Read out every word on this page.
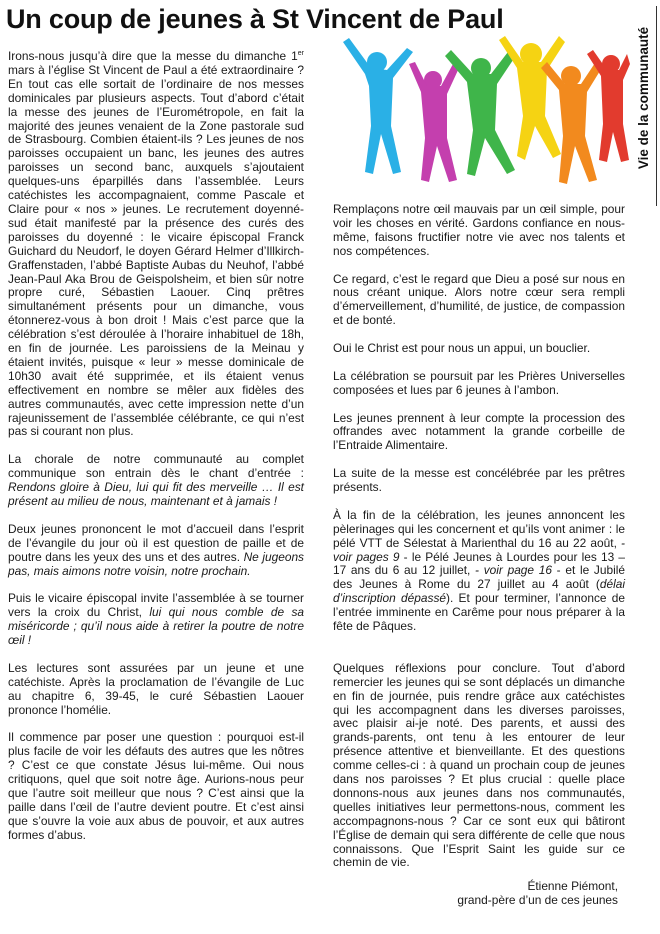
Un coup de jeunes à St Vincent de Paul
Vie de la communauté

Irons-nous jusqu’à dire que la messe du dimanche 1er mars à l’église St Vincent de Paul a été extraordinaire ? En tout cas elle sortait de l’ordinaire de nos messes dominicales par plusieurs aspects. Tout d’abord c’était la messe des jeunes de l’Eurométropole, en fait la majorité des jeunes venaient de la Zone pastorale sud de Strasbourg. Combien étaient-ils ? Les jeunes de nos paroisses occupaient un banc, les jeunes des autres paroisses un second banc, auxquels s’ajoutaient quelques-uns éparpillés dans l’assemblée. Leurs catéchistes les accompagnaient, comme Pascale et Claire pour « nos » jeunes. Le recrutement doyenné-sud était manifesté par la présence des curés des paroisses du doyenné : le vicaire épiscopal Franck Guichard du Neudorf, le doyen Gérard Helmer d’Illkirch-Graffenstaden, l’abbé Baptiste Aubas du Neuhof, l’abbé Jean-Paul Aka Brou de Geispolsheim, et bien sûr notre propre curé, Sébastien Laouer. Cinq prêtres simultanément présents pour un dimanche, vous étonnerez-vous à bon droit ! Mais c’est parce que la célébration s’est déroulée à l’horaire inhabituel de 18h, en fin de journée. Les paroissiens de la Meinau y étaient invités, puisque « leur » messe dominicale de 10h30 avait été supprimée, et ils étaient venus effectivement en nombre se mêler aux fidèles des autres communautés, avec cette impression nette d’un rajeunissement de l’assemblée célébrante, ce qui n’est pas si courant non plus.

La chorale de notre communauté au complet communique son entrain dès le chant d’entrée : Rendons gloire à Dieu, lui qui fit des merveille … Il est présent au milieu de nous, maintenant et à jamais !

Deux jeunes prononcent le mot d’accueil dans l’esprit de l’évangile du jour où il est question de paille et de poutre dans les yeux des uns et des autres. Ne jugeons pas, mais aimons notre voisin, notre prochain.

Puis le vicaire épiscopal invite l’assemblée à se tourner vers la croix du Christ, lui qui nous comble de sa miséricorde ; qu’il nous aide à retirer la poutre de notre œil !

Les lectures sont assurées par un jeune et une catéchiste. Après la proclamation de l’évangile de Luc au chapitre 6, 39-45, le curé Sébastien Laouer prononce l’homélie.

Il commence par poser une question : pourquoi est-il plus facile de voir les défauts des autres que les nôtres ? C’est ce que constate Jésus lui-même. Oui nous critiquons, quel que soit notre âge. Aurions-nous peur que l’autre soit meilleur que nous ? C’est ainsi que la paille dans l’œil de l’autre devient poutre. Et c’est ainsi que s’ouvre la voie aux abus de pouvoir, et aux autres formes d’abus.

Remplaçons notre œil mauvais par un œil simple, pour voir les choses en vérité. Gardons confiance en nous-même, faisons fructifier notre vie avec nos talents et nos compétences.

Ce regard, c’est le regard que Dieu a posé sur nous en nous créant unique. Alors notre cœur sera rempli d’émerveillement, d’humilité, de justice, de compassion et de bonté.

Oui le Christ est pour nous un appui, un bouclier.

La célébration se poursuit par les Prières Universelles composées et lues par 6 jeunes à l’ambon.

Les jeunes prennent à leur compte la procession des offrandes avec notamment la grande corbeille de l’Entraide Alimentaire.

La suite de la messe est concélébrée par les prêtres présents.

À la fin de la célébration, les jeunes annoncent les pèlerinages qui les concernent et qu’ils vont animer : le pélé VTT de Sélestat à Marienthal du 16 au 22 août, - voir pages 9 - le Pélé Jeunes à Lourdes pour les 13 – 17 ans du 6 au 12 juillet, - voir page 16 - et le Jubilé des Jeunes à Rome du 27 juillet au 4 août (délai d’inscription dépassé). Et pour terminer, l’annonce de l’entrée imminente en Carême pour nous préparer à la fête de Pâques.

Quelques réflexions pour conclure. Tout d’abord remercier les jeunes qui se sont déplacés un dimanche en fin de journée, puis rendre grâce aux catéchistes qui les accompagnent dans les diverses paroisses, avec plaisir ai-je noté. Des parents, et aussi des grands-parents, ont tenu à les entourer de leur présence attentive et bienveillante. Et des questions comme celles-ci : à quand un prochain coup de jeunes dans nos paroisses ? Et plus crucial : quelle place donnons-nous aux jeunes dans nos communautés, quelles initiatives leur permettons-nous, comment les accompagnons-nous ? Car ce sont eux qui bâtiront l’Église de demain qui sera différente de celle que nous connaissons. Que l’Esprit Saint les guide sur ce chemin de vie.

Étienne Piémont,
grand-père d’un de ces jeunes
